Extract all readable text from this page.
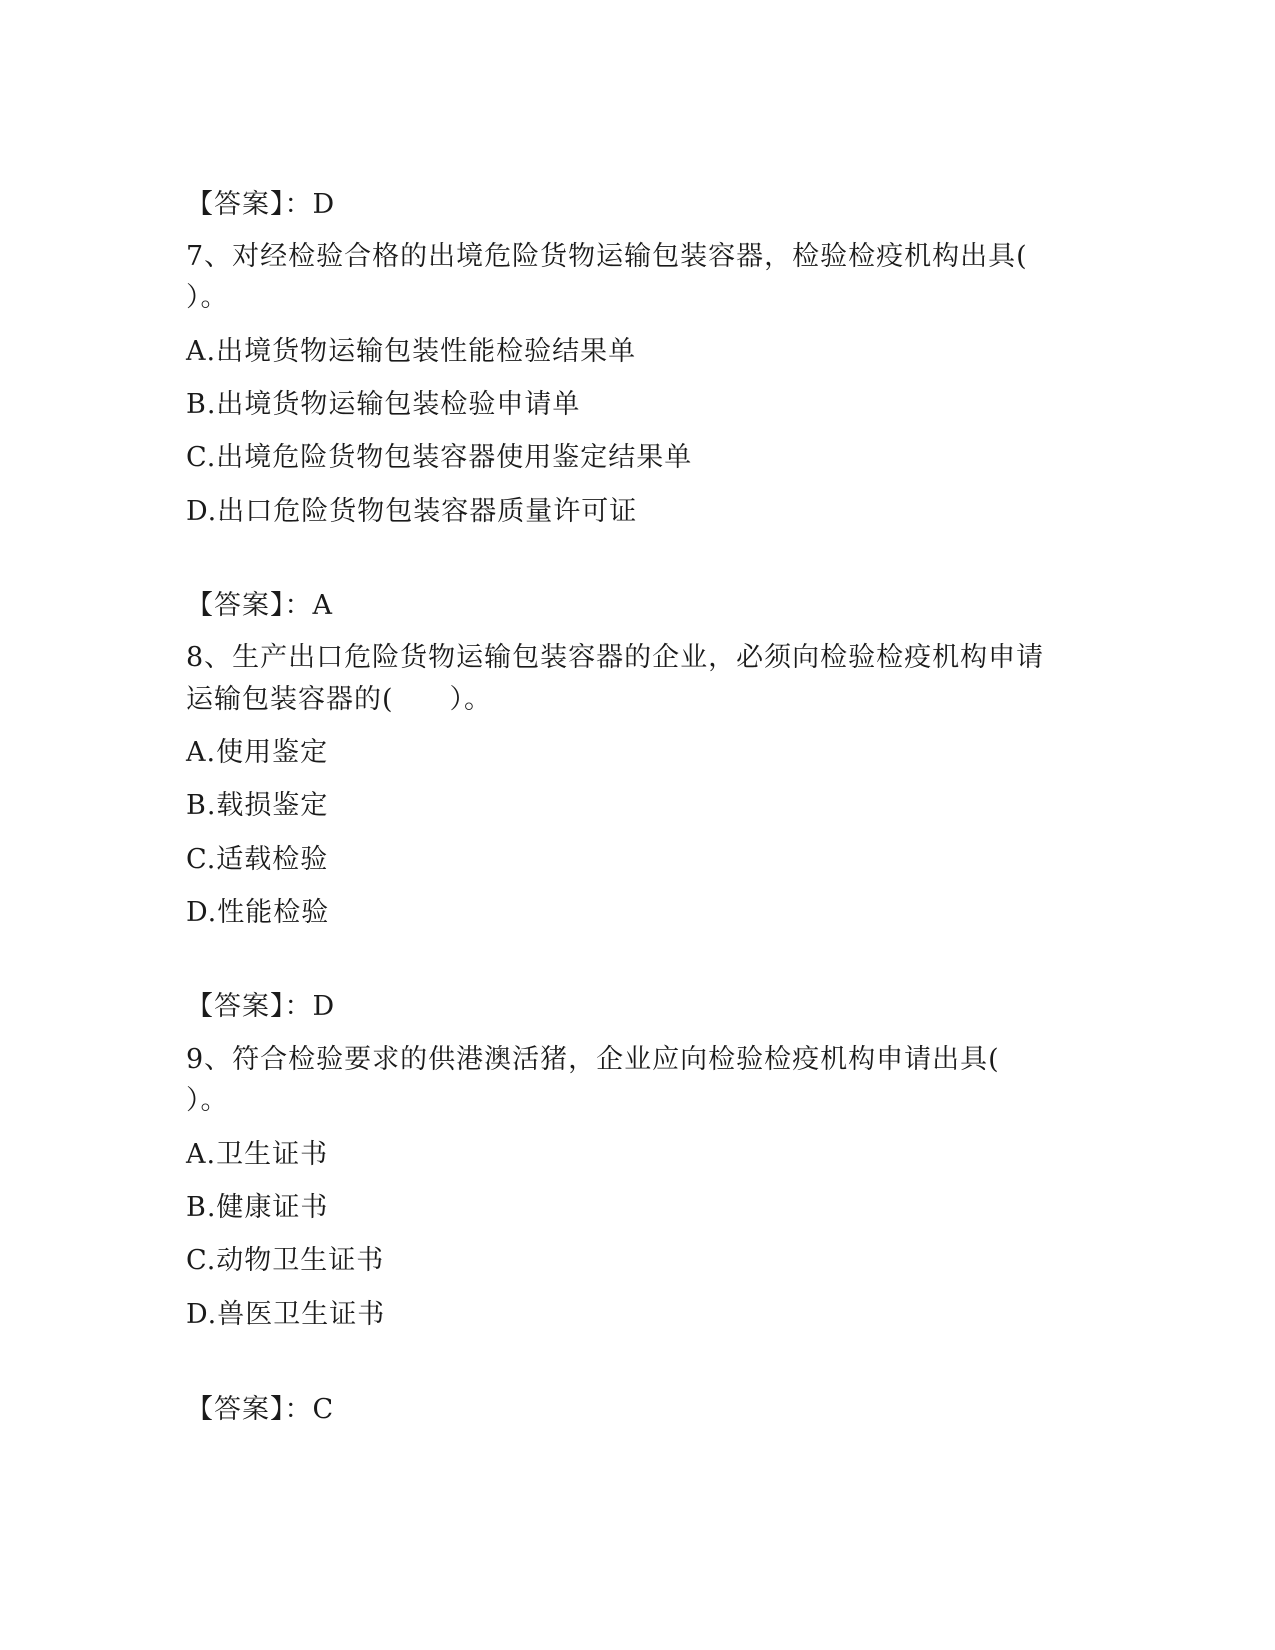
【答案】：D
7、对经检验合格的出境危险货物运输包装容器，检验检疫机构出具(
）。
A.出境货物运输包装性能检验结果单
B.出境货物运输包装检验申请单
C.出境危险货物包装容器使用鉴定结果单
D.出口危险货物包装容器质量许可证
【答案】：A
8、生产出口危险货物运输包装容器的企业，必须向检验检疫机构申请
运输包装容器的(　　）。
A.使用鉴定
B.载损鉴定
C.适载检验
D.性能检验
【答案】：D
9、符合检验要求的供港澳活猪，企业应向检验检疫机构申请出具(
）。
A.卫生证书
B.健康证书
C.动物卫生证书
D.兽医卫生证书
【答案】：C
